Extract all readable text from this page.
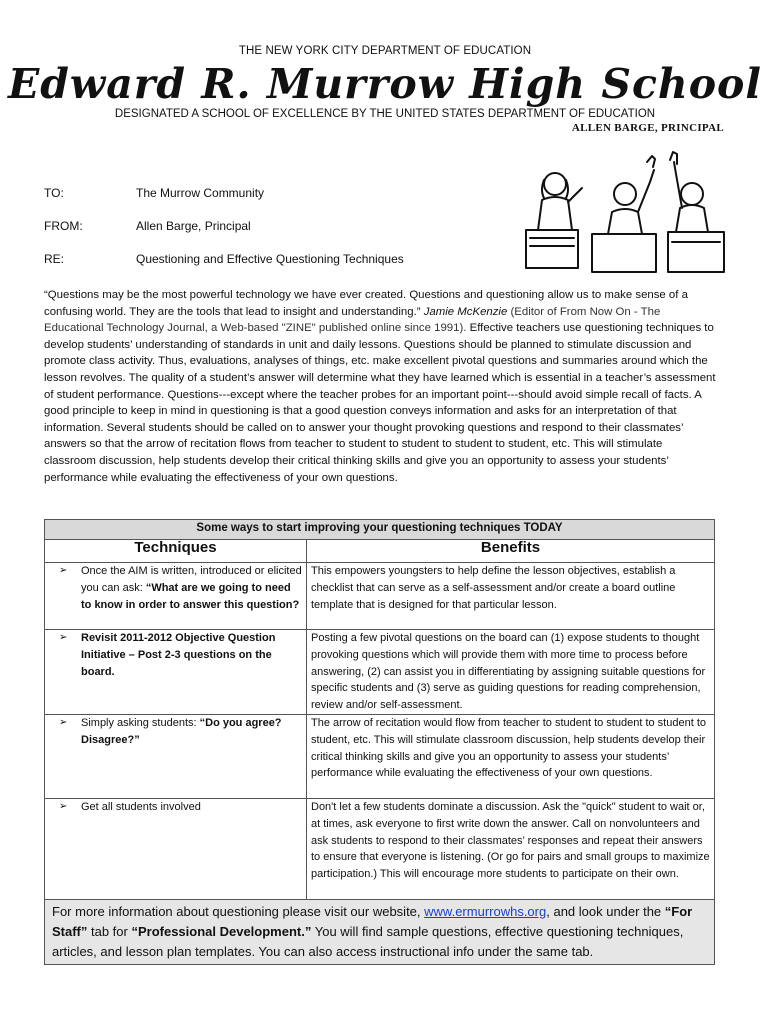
THE NEW YORK CITY DEPARTMENT OF EDUCATION
Edward R. Murrow High School
DESIGNATED A SCHOOL OF EXCELLENCE BY THE UNITED STATES DEPARTMENT OF EDUCATION
ALLEN BARGE, PRINCIPAL
TO:	The Murrow Community
FROM:	Allen Barge, Principal
RE:	Questioning and Effective Questioning Techniques
“Questions may be the most powerful technology we have ever created. Questions and questioning allow us to make sense of a confusing world. They are the tools that lead to insight and understanding.” Jamie McKenzie (Editor of From Now On - The Educational Technology Journal, a Web-based "ZINE" published online since 1991). Effective teachers use questioning techniques to develop students’ understanding of standards in unit and daily lessons. Questions should be planned to stimulate discussion and promote class activity. Thus, evaluations, analyses of things, etc. make excellent pivotal questions and summaries around which the lesson revolves. The quality of a student’s answer will determine what they have learned which is essential in a teacher’s assessment of student performance. Questions---except where the teacher probes for an important point---should avoid simple recall of facts. A good principle to keep in mind in questioning is that a good question conveys information and asks for an interpretation of that information. Several students should be called on to answer your thought provoking questions and respond to their classmates’ answers so that the arrow of recitation flows from teacher to student to student to student to student, etc. This will stimulate classroom discussion, help students develop their critical thinking skills and give you an opportunity to assess your students’ performance while evaluating the effectiveness of your own questions.
Some ways to start improving your questioning techniques TODAY	
Techniques	Benefits

➢ Once the AIM is written, introduced or elicited you can ask: “What are we going to need to know in order to answer this question?	This empowers youngsters to help define the lesson objectives, establish a checklist that can serve as a self-assessment and/or create a board outline template that is designed for that particular lesson.

➢ Revisit 2011-2012 Objective Question Initiative – Post 2-3 questions on the board.	Posting a few pivotal questions on the board can (1) expose students to thought provoking questions which will provide them with more time to process before answering, (2) can assist you in differentiating by assigning suitable questions for specific students and (3) serve as guiding questions for reading comprehension, review and/or self-assessment.

➢ Simply asking students: “Do you agree? Disagree?”	The arrow of recitation would flow from teacher to student to student to student to student, etc. This will stimulate classroom discussion, help students develop their critical thinking skills and give you an opportunity to assess your students’ performance while evaluating the effectiveness of your own questions.

➢ Get all students involved	Don't let a few students dominate a discussion. Ask the "quick" student to wait or, at times, ask everyone to first write down the answer. Call on nonvolunteers and ask students to respond to their classmates’ responses and repeat their answers to ensure that everyone is listening. (Or go for pairs and small groups to maximize participation.) This will encourage more students to participate on their own.
For more information about questioning please visit our website, www.ermurrowhs.org, and look under the “For Staff” tab for “Professional Development.” You will find sample questions, effective questioning techniques, articles, and lesson plan templates. You can also access instructional info under the same tab.	
